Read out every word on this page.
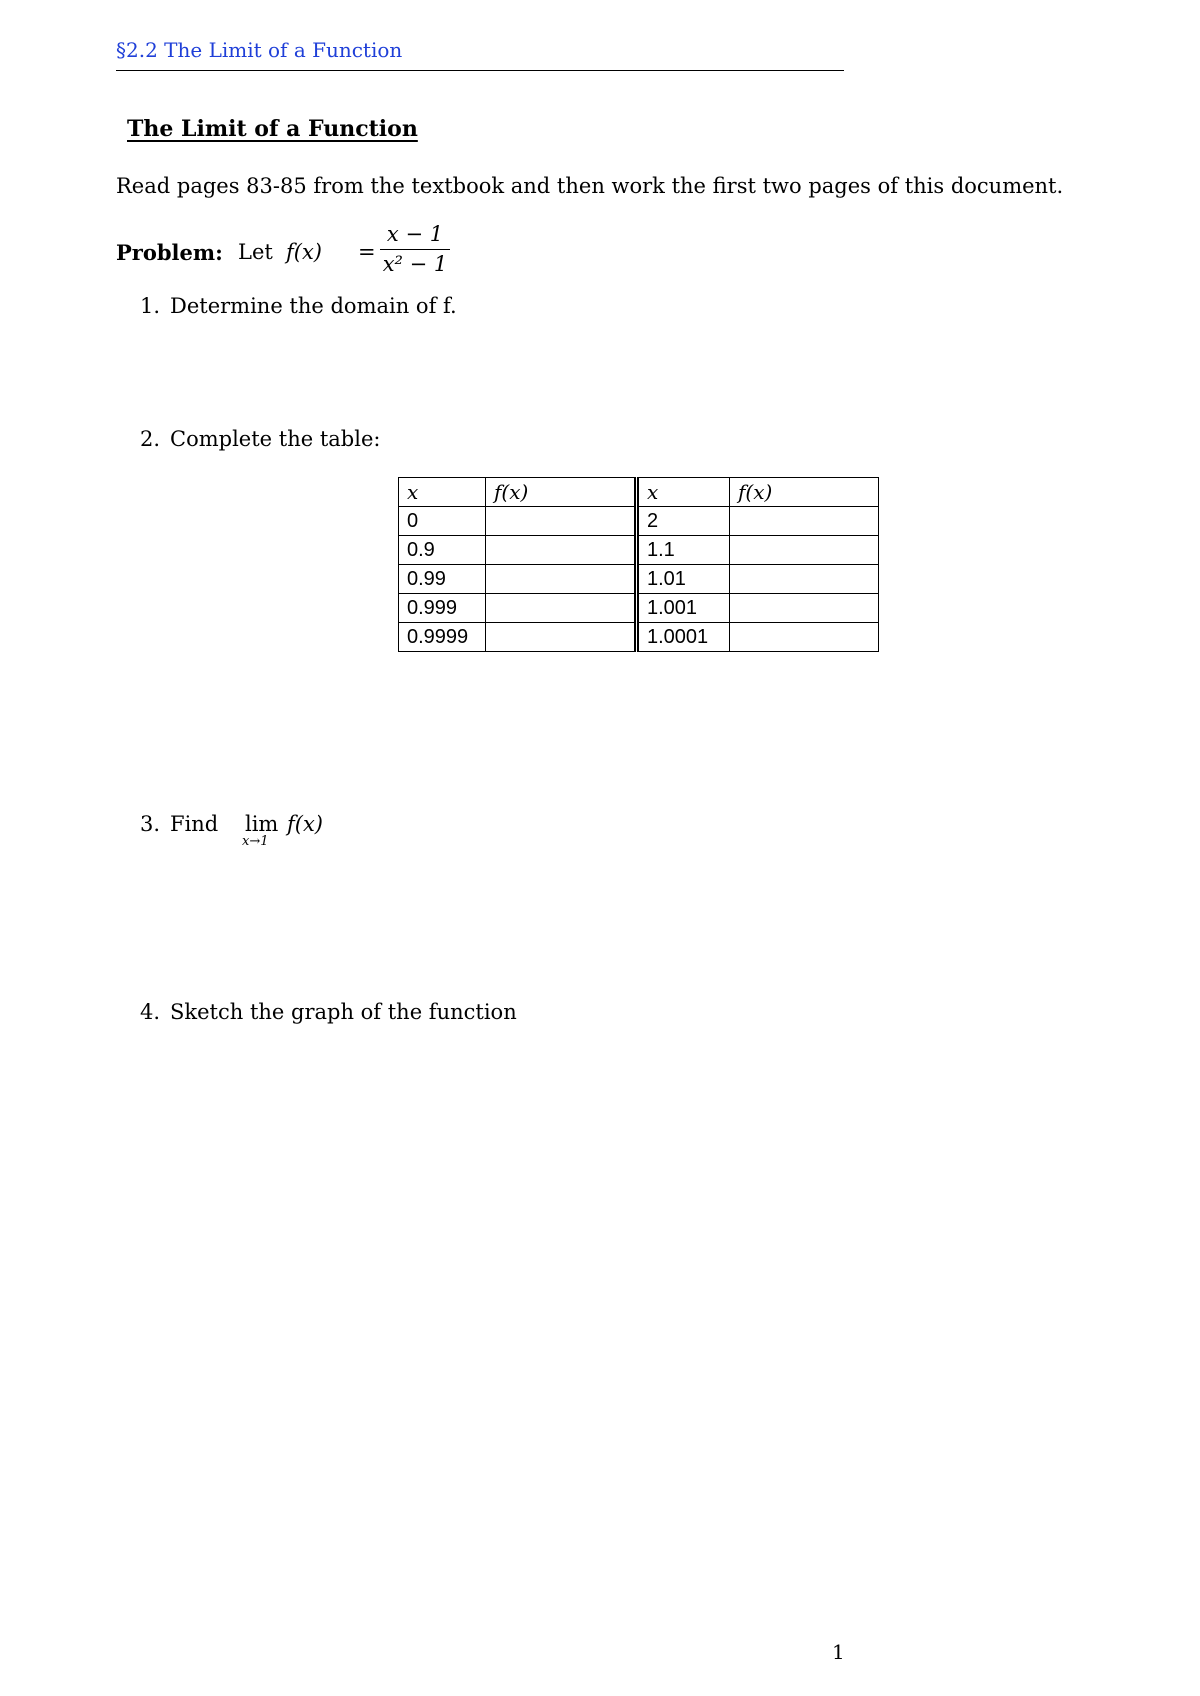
§2.2 The Limit of a Function
The Limit of a Function
Read pages 83-85 from the textbook and then work the first two pages of this document.
Problem: Let $f(x) = \frac{x - 1}{\text{x² − 1}}$
1. Determine the domain of f.
2. Complete the table:
x	f(x)	x	f(x)
0		2	
0.9		1.1	
0.99		1.01	
0.999		1.001	
0.9999		1.0001	
3. Find lim
x→1
f(x)
4. Sketch the graph of the function
1
